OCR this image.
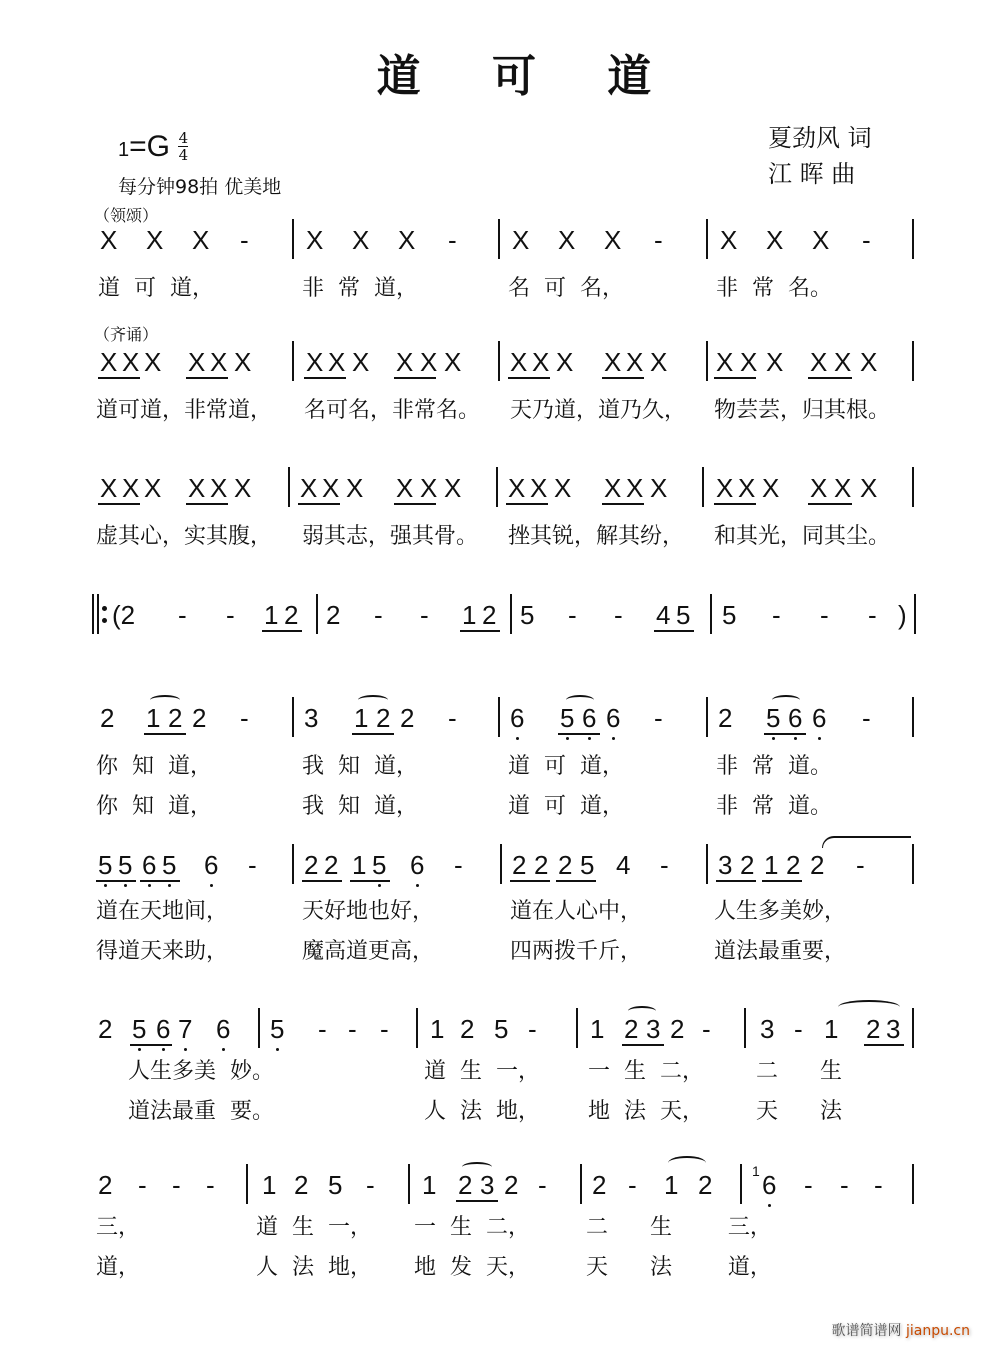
道 可 道
$1=G \frac{4}{4}$
每分钟98拍 优美地
夏劲风 词
江 晖 曲
（领颂）
（齐诵）
X X X - X X X - X X X - X X X -
道  可  道，	非  常  道，	名  可  名，	非  常  名。
X X X X X X X X X X X X X X X X X X X X X X X X
道可道，非常道， 名可名，非常名。 天乃道，道乃久， 物芸芸，归其根。
X X X X X X X X X X X X X X X X X X X X X X X X
虚其心，实其腹， 弱其志，强其骨。 挫其锐，解其纷， 和其光，同其尘。
(2 - - 1 2 2 - - 1 2 5 - - 4 5 5 - - - )
2 1 2 2 - 3 1 2 2 - 6 5 6 6 - 2 5 6 6 -
你  知  道，	我  知  道，	道  可  道，	非  常  道。
你  知  道，	我  知  道，	道  可  道，	非  常  道。
5 5 6 5 6 - 2 2 1 5 6 - 2 2 2 5 4 - 3 2 1 2 2 -
道在天地间，	天好地也好，	道在人心中，	人生多美妙，
得道天来助，	魔高道更高，	四两拨千斤，	道法最重要，
2 5 6 7 6 5 - - - 1 2 5 - 1 2 3 2 - 3 - 1 2 3
人生多美  妙。	道  生  一， 一  生  二， 二      生
道法最重  要。	人  法  地， 地  法  天， 天      法
2 - - - 1 2 5 - 1 2 3 2 - 2 - 1 2 6 - - -
1
三，	道  生  一， 一  生  二，	二      生        三，
道，	人  法  地， 地  发  天，	天      法        道，
歌谱简谱网 jianpu.cn
